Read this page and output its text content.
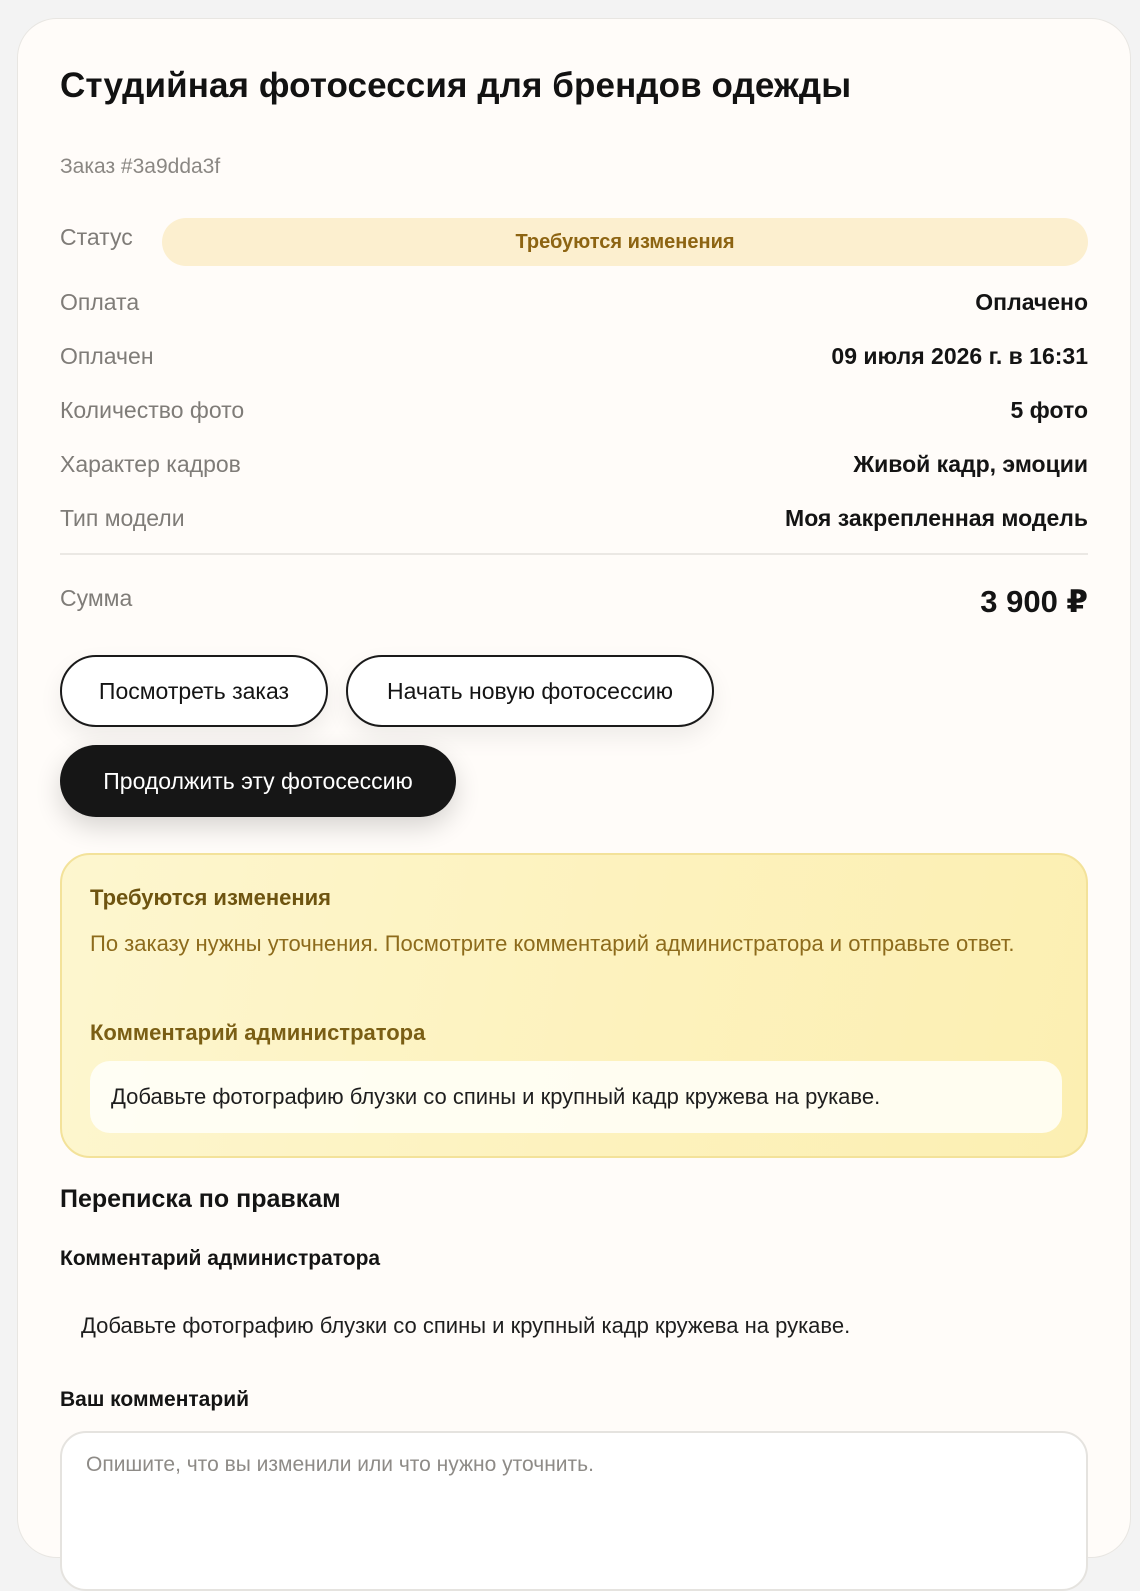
Студийная фотосессия для брендов одежды
Заказ #3a9dda3f
Статус	Требуются изменения
Оплата	Оплачено
Оплачен	09 июля 2026 г. в 16:31
Количество фото	5 фото
Характер кадров	Живой кадр, эмоции
Тип модели	Моя закрепленная модель
Сумма	3 900 ₽
Посмотреть заказ	Начать новую фотосессию
Продолжить эту фотосессию
Требуются изменения
По заказу нужны уточнения. Посмотрите комментарий администратора и отправьте ответ.
Комментарий администратора
Добавьте фотографию блузки со спины и крупный кадр кружева на рукаве.
Переписка по правкам
Комментарий администратора
Добавьте фотографию блузки со спины и крупный кадр кружева на рукаве.
Ваш комментарий
Опишите, что вы изменили или что нужно уточнить.
